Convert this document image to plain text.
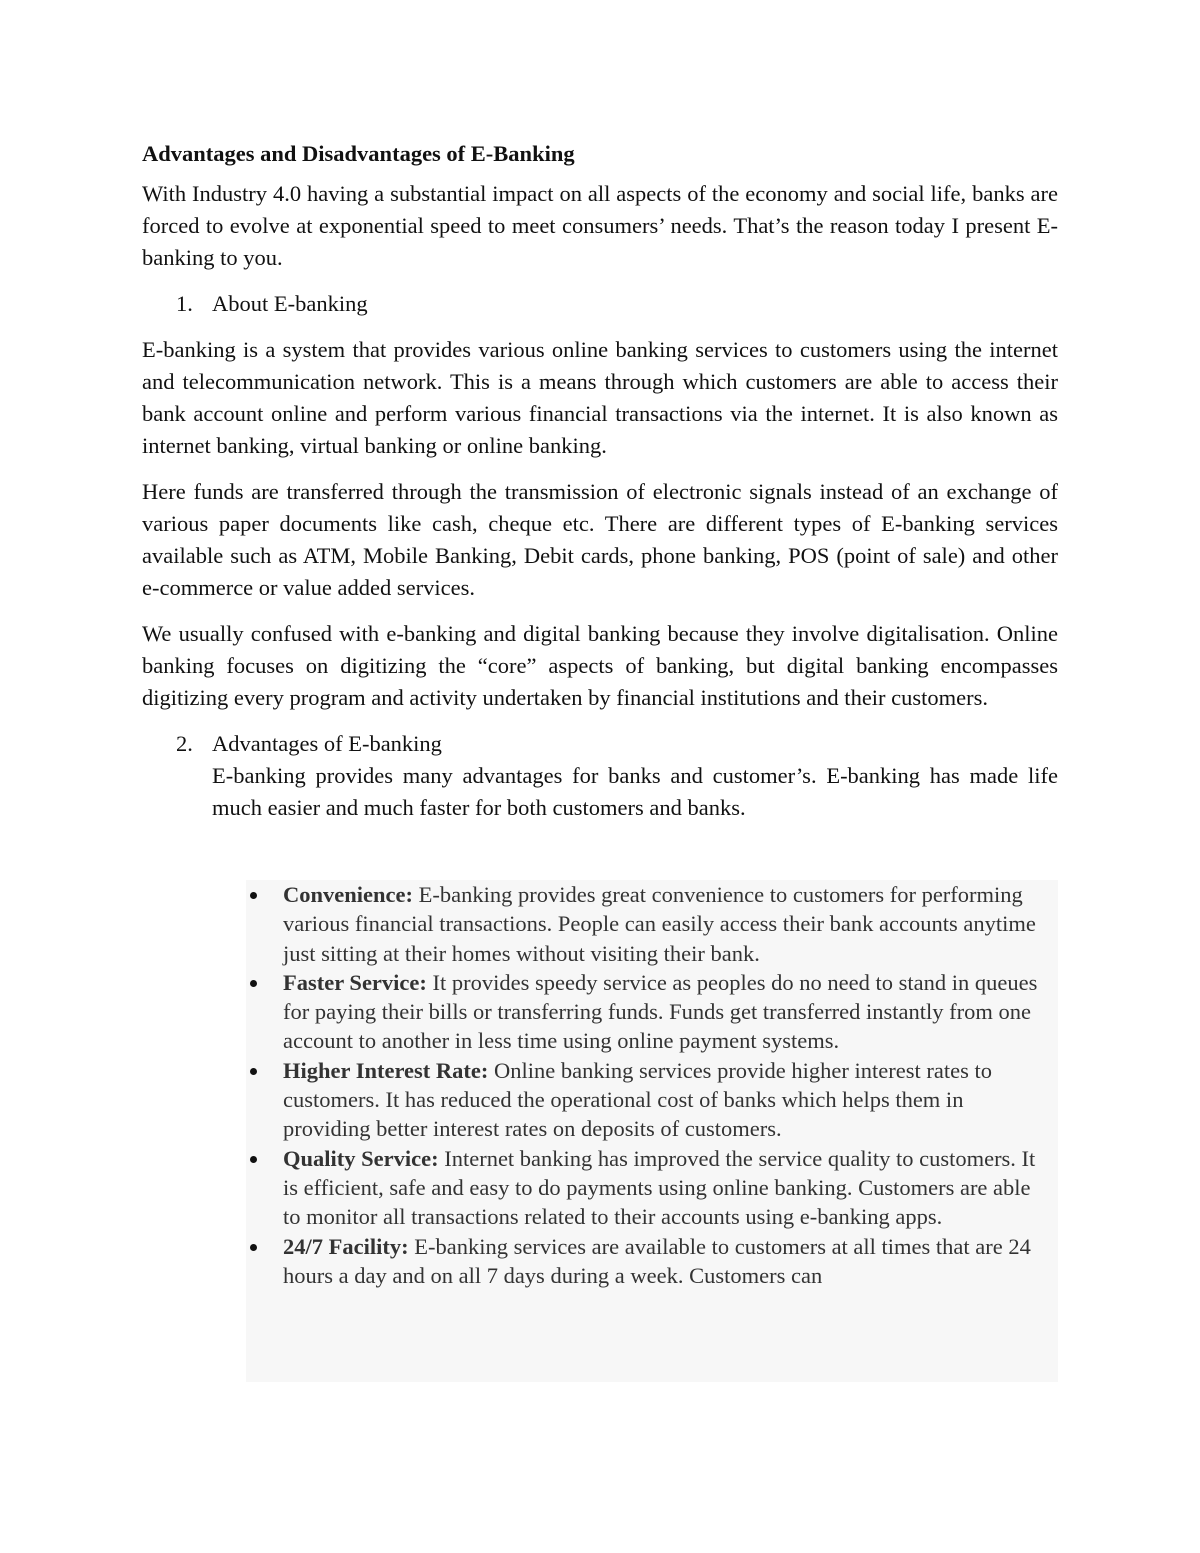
Advantages and Disadvantages of E-Banking
With Industry 4.0 having a substantial impact on all aspects of the economy and social life, banks are forced to evolve at exponential speed to meet consumers’ needs. That’s the reason today I present E-banking to you.
1. About E-banking
E-banking is a system that provides various online banking services to customers using the internet and telecommunication network. This is a means through which customers are able to access their bank account online and perform various financial transactions via the internet. It is also known as internet banking, virtual banking or online banking.
Here funds are transferred through the transmission of electronic signals instead of an exchange of various paper documents like cash, cheque etc. There are different types of E-banking services available such as ATM, Mobile Banking, Debit cards, phone banking, POS (point of sale) and other e-commerce or value added services.
We usually confused with e-banking and digital banking because they involve digitalisation. Online banking focuses on digitizing the “core” aspects of banking, but digital banking encompasses digitizing every program and activity undertaken by financial institutions and their customers.
2. Advantages of E-banking
E-banking provides many advantages for banks and customer’s. E-banking has made life much easier and much faster for both customers and banks.
Convenience: E-banking provides great convenience to customers for performing various financial transactions. People can easily access their bank accounts anytime just sitting at their homes without visiting their bank.
Faster Service: It provides speedy service as peoples do no need to stand in queues for paying their bills or transferring funds. Funds get transferred instantly from one account to another in less time using online payment systems.
Higher Interest Rate: Online banking services provide higher interest rates to customers. It has reduced the operational cost of banks which helps them in providing better interest rates on deposits of customers.
Quality Service: Internet banking has improved the service quality to customers. It is efficient, safe and easy to do payments using online banking. Customers are able to monitor all transactions related to their accounts using e-banking apps.
24/7 Facility: E-banking services are available to customers at all times that are 24 hours a day and on all 7 days during a week. Customers can
